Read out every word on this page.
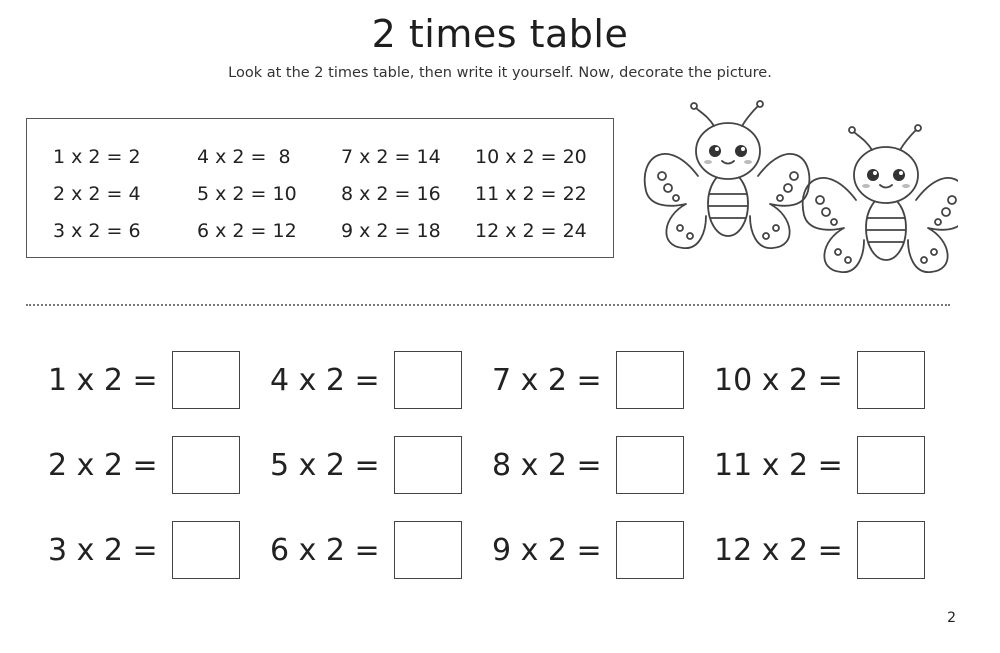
2 times table
Look at the 2 times table, then write it yourself. Now, decorate the picture.
1 x 2 = 2
2 x 2 = 4
3 x 2 = 6
4 x 2 =  8
5 x 2 = 10
6 x 2 = 12
7 x 2 = 14
8 x 2 = 16
9 x 2 = 18
10 x 2 = 20
11 x 2 = 22
12 x 2 = 24
1 x 2 =
2 x 2 =
3 x 2 =
4 x 2 =
5 x 2 =
6 x 2 =
7 x 2 =
8 x 2 =
9 x 2 =
10 x 2 =
11 x 2 =
12 x 2 =
2
